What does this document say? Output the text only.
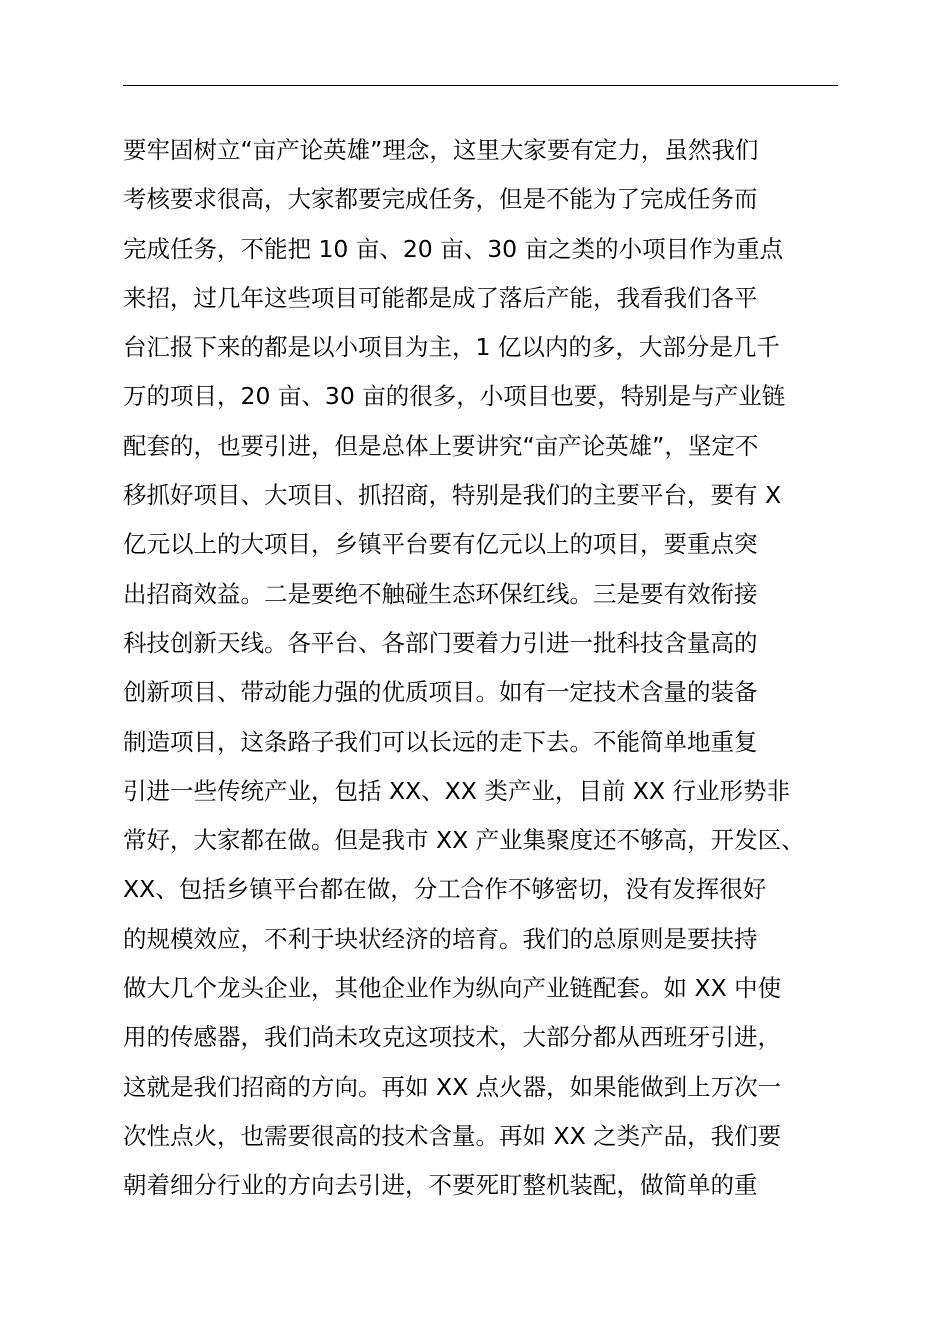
要牢固树立“亩产论英雄”理念，这里大家要有定力，虽然我们
考核要求很高，大家都要完成任务，但是不能为了完成任务而
完成任务，不能把 10 亩、20 亩、30 亩之类的小项目作为重点
来招，过几年这些项目可能都是成了落后产能，我看我们各平
台汇报下来的都是以小项目为主，1 亿以内的多，大部分是几千
万的项目，20 亩、30 亩的很多，小项目也要，特别是与产业链
配套的，也要引进，但是总体上要讲究“亩产论英雄”，坚定不
移抓好项目、大项目、抓招商，特别是我们的主要平台，要有 X
亿元以上的大项目，乡镇平台要有亿元以上的项目，要重点突
出招商效益。二是要绝不触碰生态环保红线。三是要有效衔接
科技创新天线。各平台、各部门要着力引进一批科技含量高的
创新项目、带动能力强的优质项目。如有一定技术含量的装备
制造项目，这条路子我们可以长远的走下去。不能简单地重复
引进一些传统产业，包括 XX、XX 类产业，目前 XX 行业形势非
常好，大家都在做。但是我市 XX 产业集聚度还不够高，开发区、
XX、包括乡镇平台都在做，分工合作不够密切，没有发挥很好
的规模效应，不利于块状经济的培育。我们的总原则是要扶持
做大几个龙头企业，其他企业作为纵向产业链配套。如 XX 中使
用的传感器，我们尚未攻克这项技术，大部分都从西班牙引进，
这就是我们招商的方向。再如 XX 点火器，如果能做到上万次一
次性点火，也需要很高的技术含量。再如 XX 之类产品，我们要
朝着细分行业的方向去引进，不要死盯整机装配，做简单的重
